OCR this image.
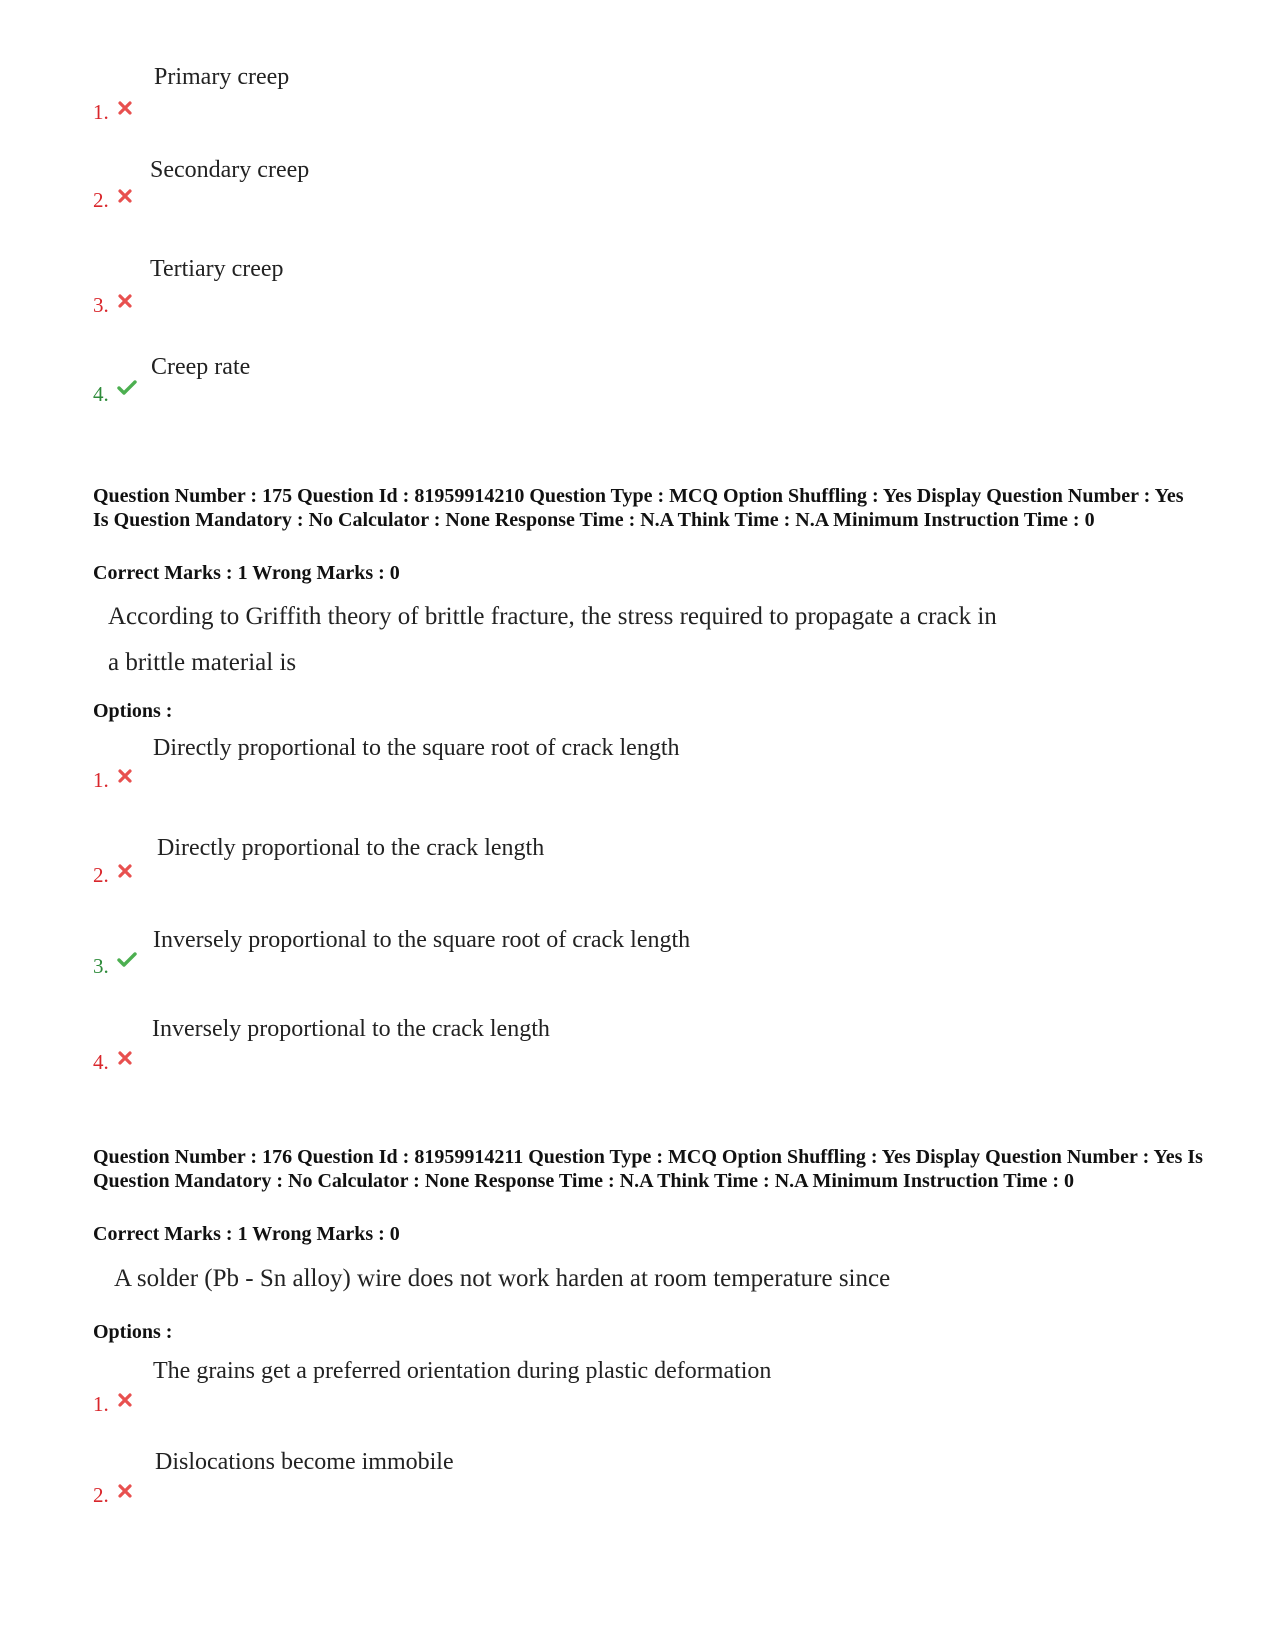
Primary creep
1.
Secondary creep
2.
Tertiary creep
3.
Creep rate
4.
Question Number : 175 Question Id : 81959914210 Question Type : MCQ Option Shuffling : Yes Display Question Number : Yes Is Question Mandatory : No Calculator : None Response Time : N.A Think Time : N.A Minimum Instruction Time : 0
Correct Marks : 1 Wrong Marks : 0
According to Griffith theory of brittle fracture, the stress required to propagate a crack in
a brittle material is
Options :
Directly proportional to the square root of crack length
1.
Directly proportional to the crack length
2.
Inversely proportional to the square root of crack length
3.
Inversely proportional to the crack length
4.
Question Number : 176 Question Id : 81959914211 Question Type : MCQ Option Shuffling : Yes Display Question Number : Yes Is Question Mandatory : No Calculator : None Response Time : N.A Think Time : N.A Minimum Instruction Time : 0
Correct Marks : 1 Wrong Marks : 0
A solder (Pb - Sn alloy) wire does not work harden at room temperature since
Options :
The grains get a preferred orientation during plastic deformation
1.
Dislocations become immobile
2.
